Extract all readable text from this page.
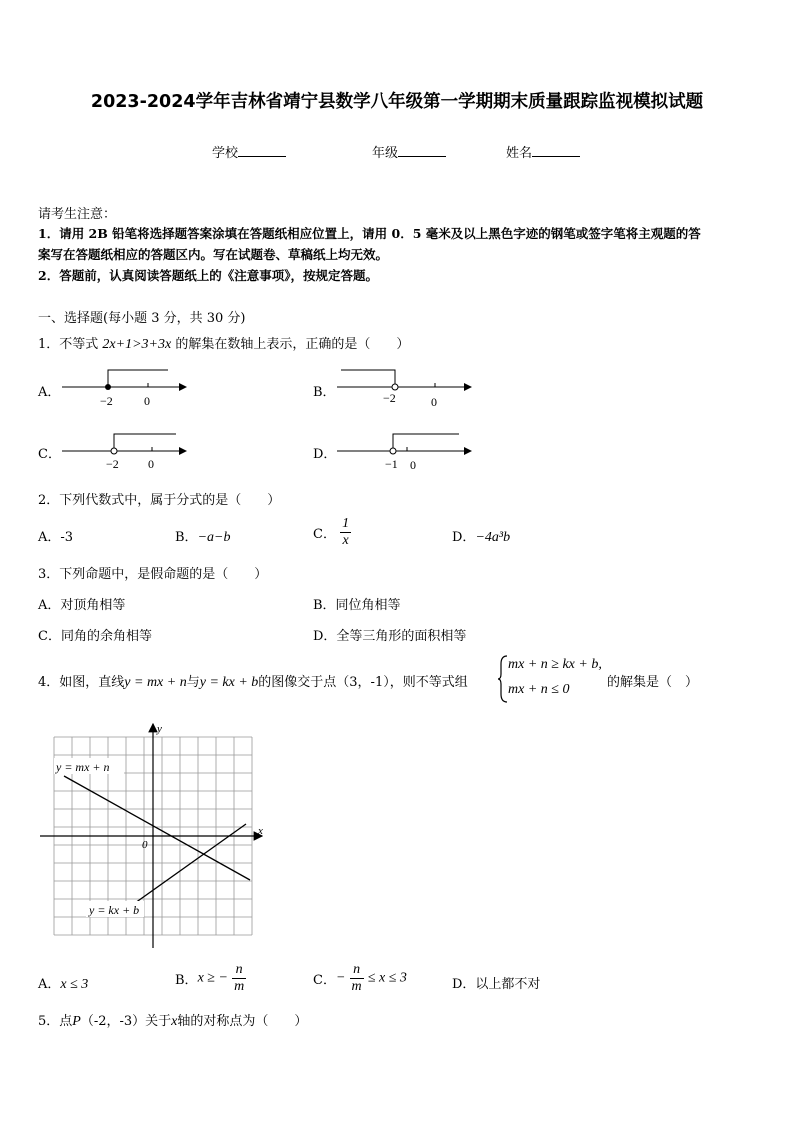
2023-2024学年吉林省靖宁县数学八年级第一学期期末质量跟踪监视模拟试题
学校	年级	姓名
请考生注意：
1．请用 2B 铅笔将选择题答案涂填在答题纸相应位置上，请用 0．5 毫米及以上黑色字迹的钢笔或签字笔将主观题的答
案写在答题纸相应的答题区内。写在试题卷、草稿纸上均无效。
2．答题前，认真阅读答题纸上的《注意事项》，按规定答题。
一、选择题(每小题 3 分，共 30 分)
1．不等式 2x+1>3+3x 的解集在数轴上表示，正确的是（　　）
A．	B．
C．	D．
−2	0	−2	0
−2 0	−1 0
2．下列代数式中，属于分式的是（　　）
A．-3	B．−a−b	C． $\frac{1}{x}$	D．−4a³b
3．下列命题中，是假命题的是（　　）
A．对顶角相等	B．同位角相等
C．同角的余角相等	D．全等三角形的面积相等
4．如图，直线y = mx + n与y = kx + b的图像交于点（3，-1），则不等式组
mx + n ≥ kx + b,
mx + n ≤ 0	的解集是（　）
x
y
0
y = mx + n
y = kx + b
A．x ≤ 3	B．x ≥ − $\frac{n}{m}$	C．− $\frac{n}{m} \le x \le 3$	D．以上都不对
5．点P（-2，-3）关于x轴的对称点为（　　）
